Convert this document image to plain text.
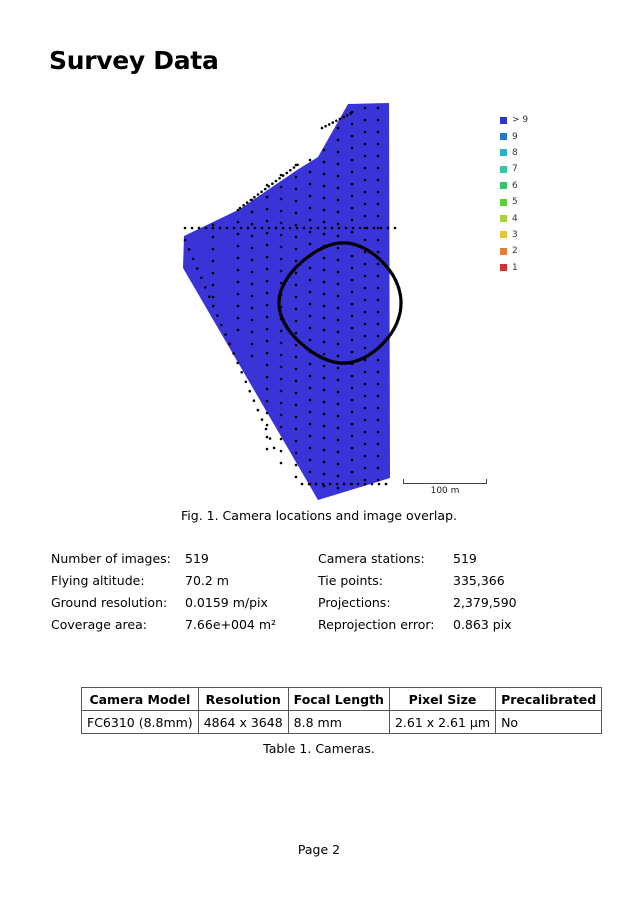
Survey Data
> 9
9
8
7
6
5
4
3
2
1
100 m
Fig. 1. Camera locations and image overlap.
Number of images: 519	Camera stations: 519
Flying altitude:	70.2 m	Tie points:	335,366
Ground resolution: 0.0159 m/pix	Projections:	2,379,590
Coverage area:	7.66e+004 m²	Reprojection error: 0.863 pix
Camera Model	Resolution	Focal Length	Pixel Size	Precalibrated
FC6310 (8.8mm)	4864 x 3648	8.8 mm	2.61 x 2.61 μm	No
Table 1. Cameras.
Page 2
